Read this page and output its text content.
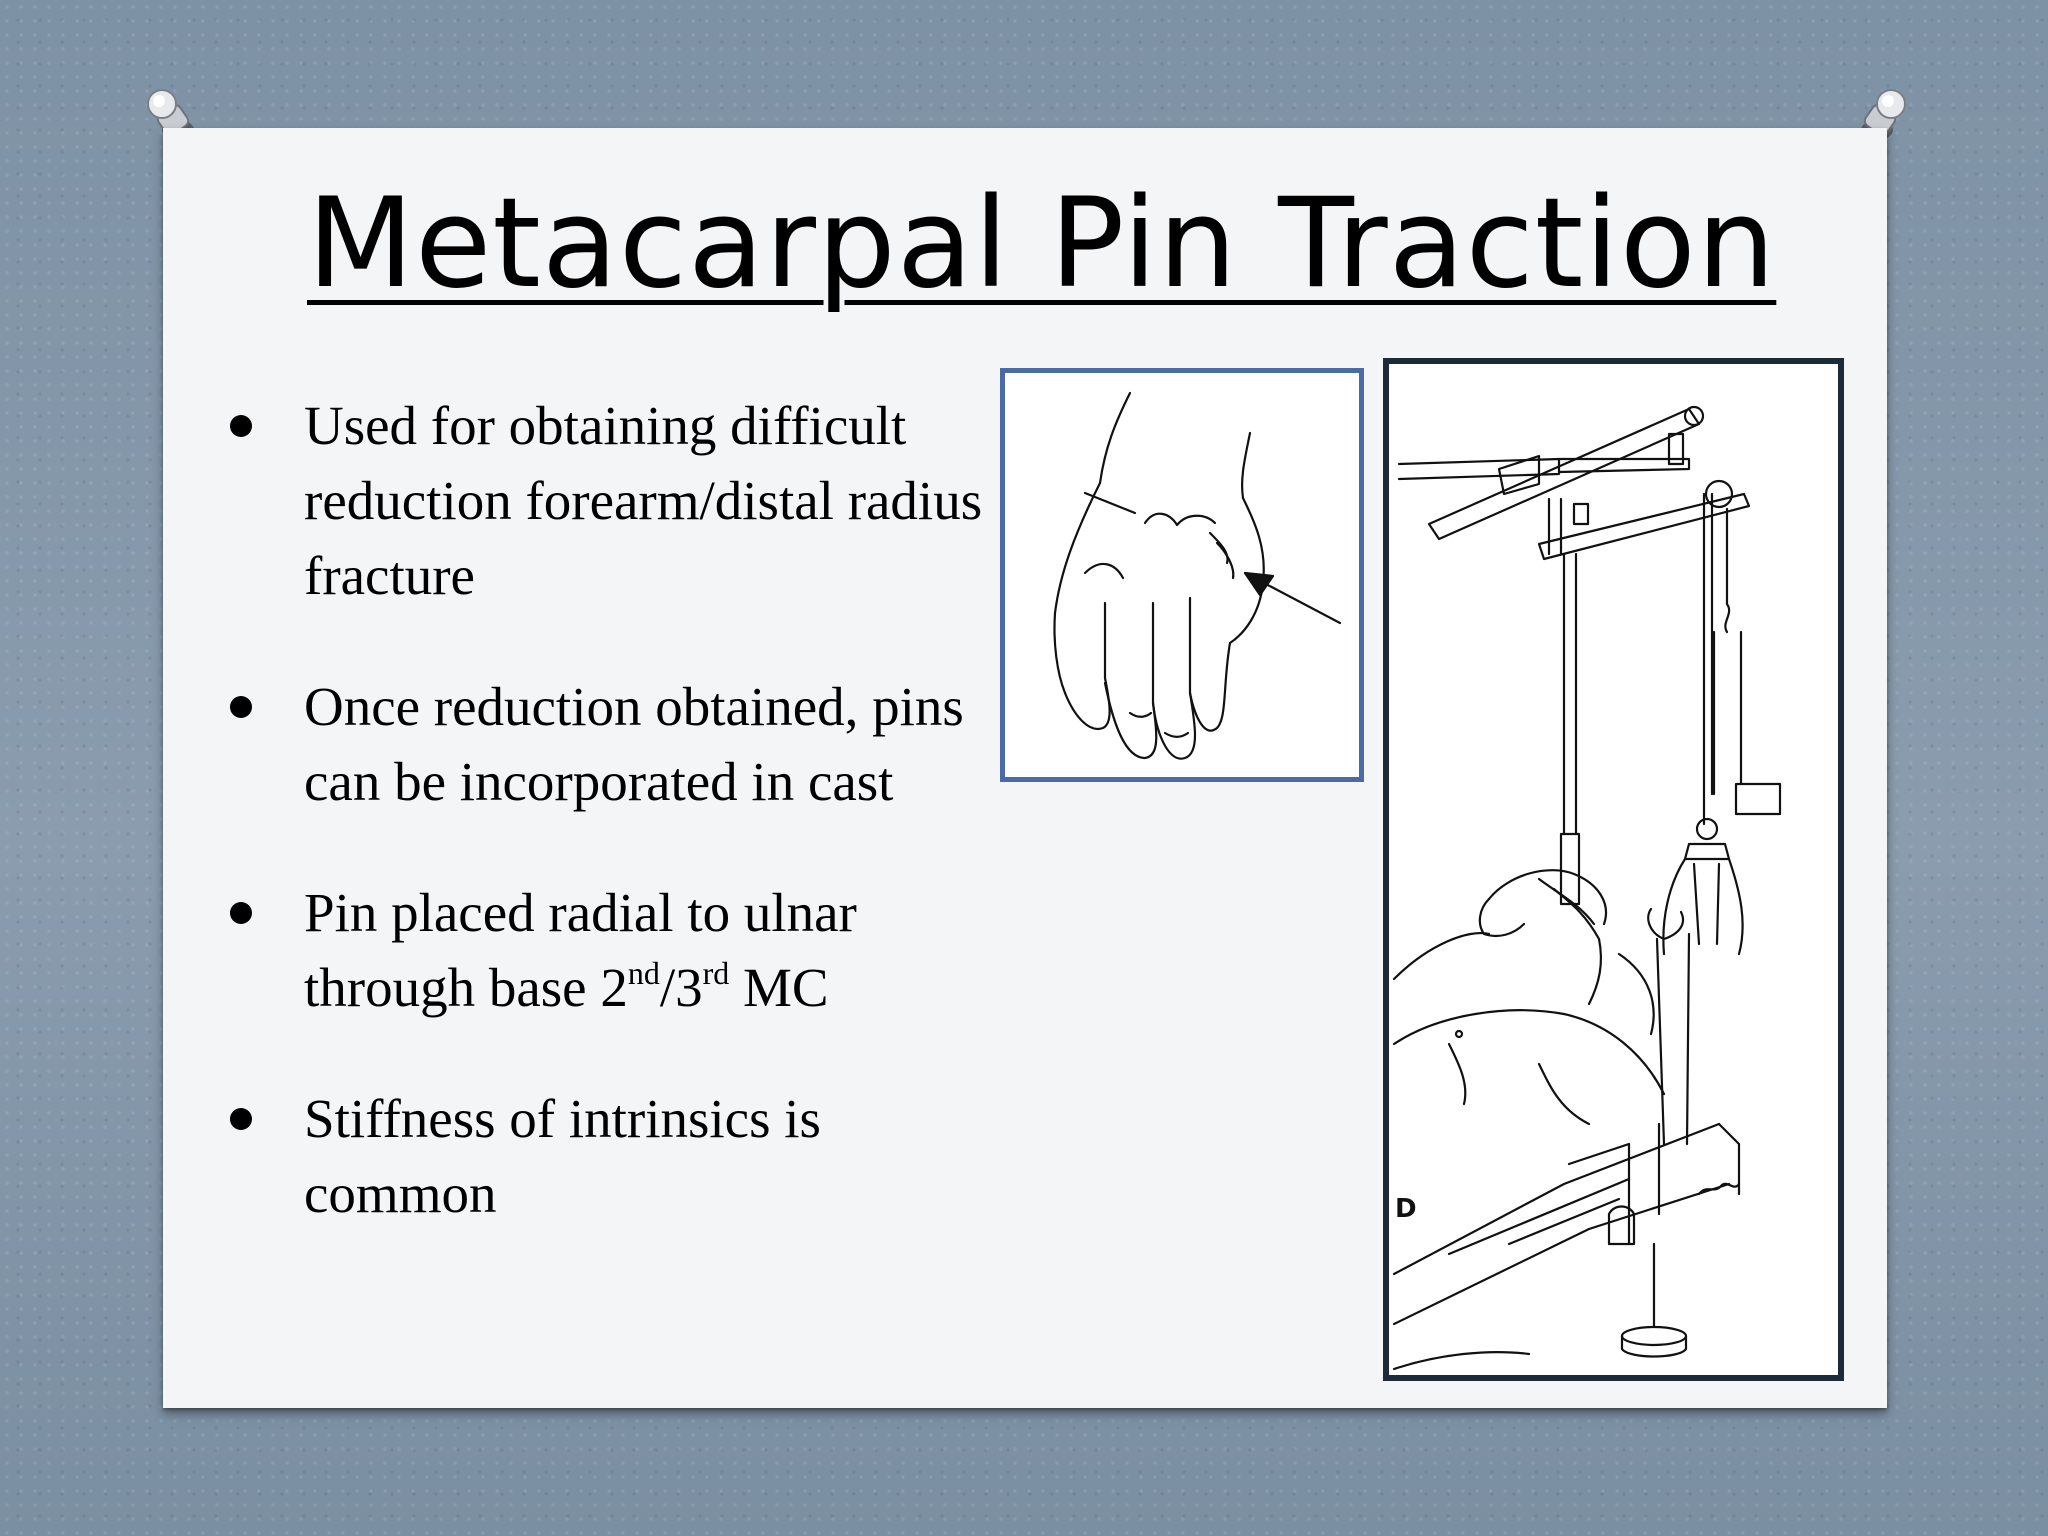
Metacarpal Pin Traction
Used for obtaining difficult reduction forearm/distal radius fracture
Once reduction obtained, pins can be incorporated in cast
Pin placed radial to ulnar through base 2nd/3rd MC
Stiffness of intrinsics is common	D
